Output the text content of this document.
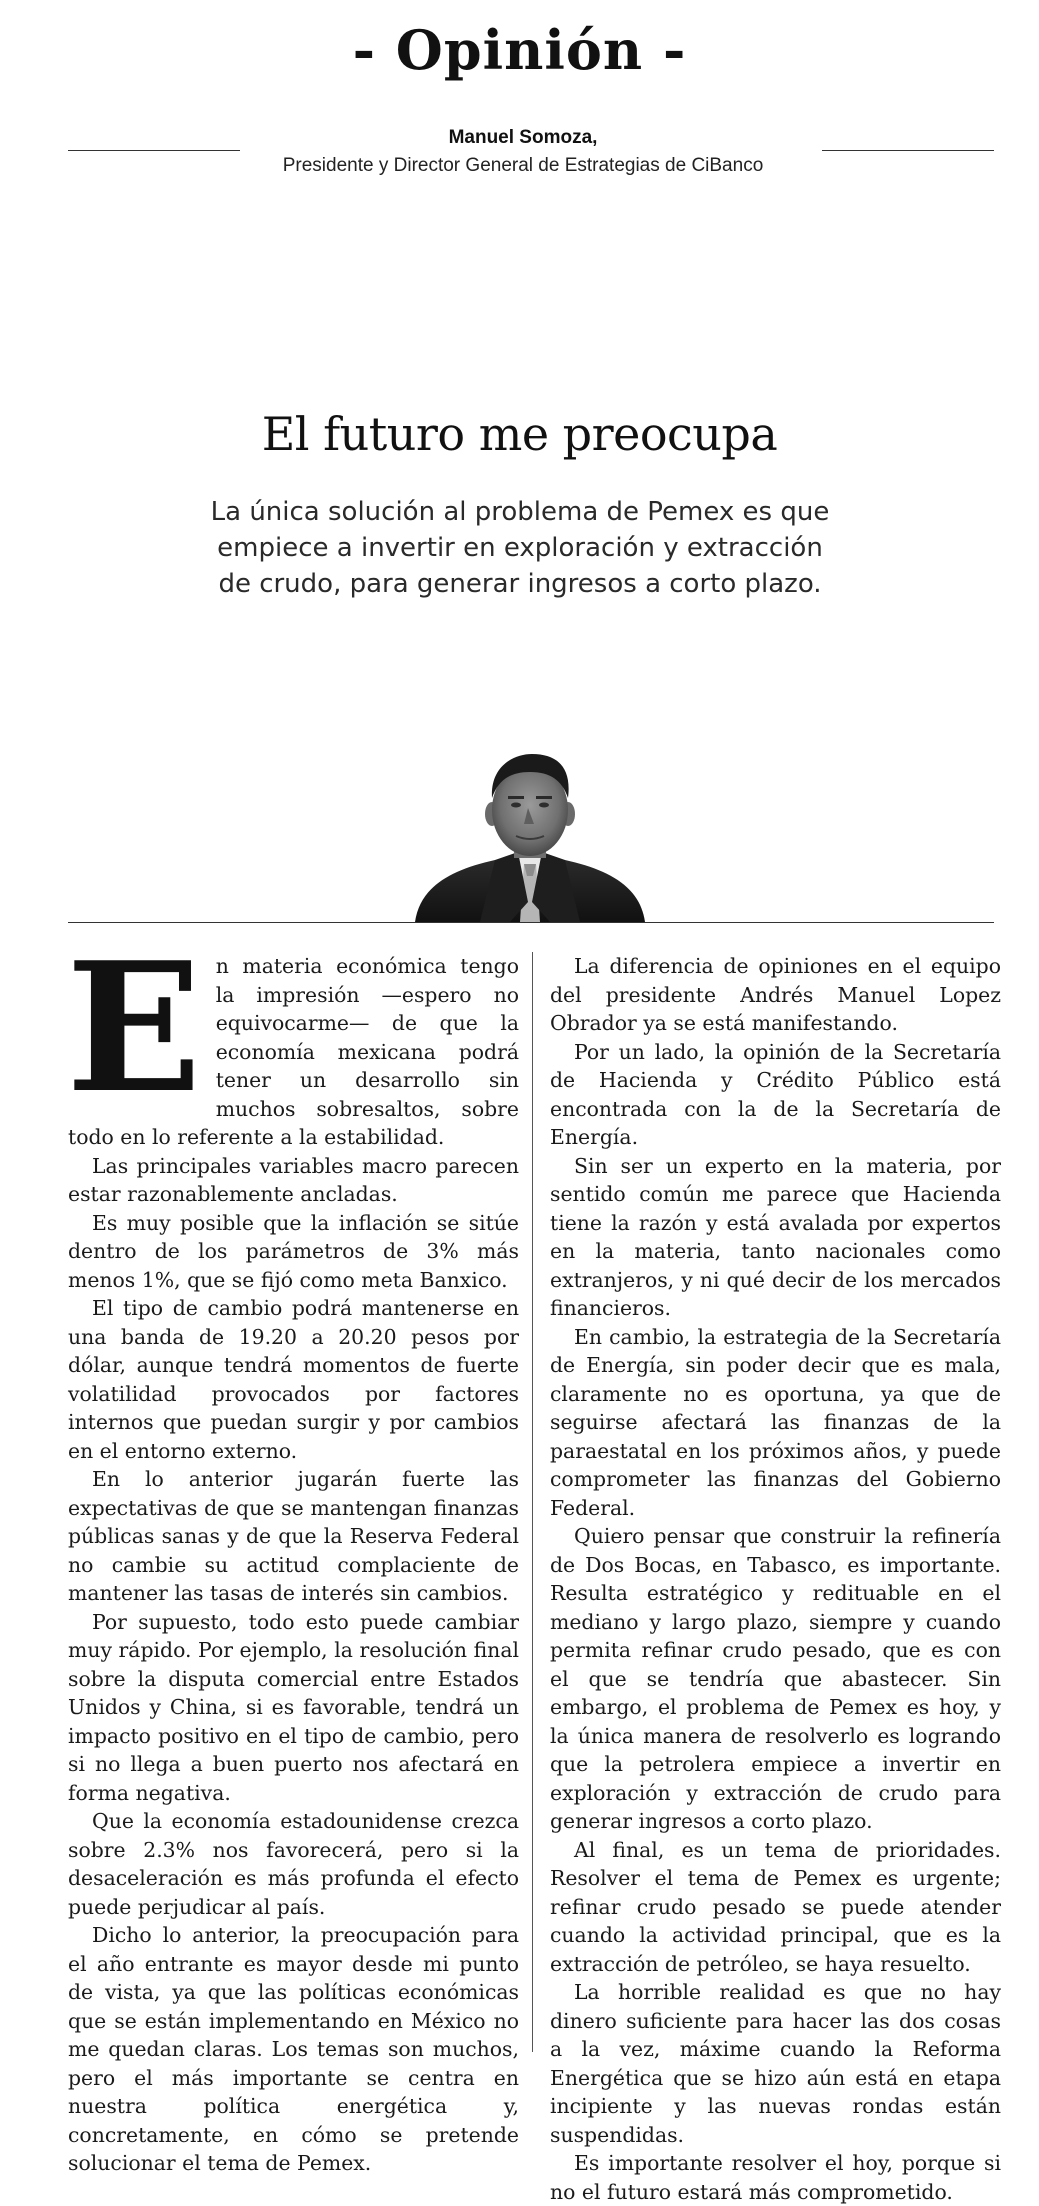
- Opinión -
Manuel Somoza,
Presidente y Director General de Estrategias de CiBanco
El futuro me preocupa

La única solución al problema de Pemex es que empiece a invertir en exploración y extracción de crudo, para generar ingresos a corto plazo.

En materia económica tengo la impresión —espero no equivocarme— de que la economía mexicana podrá tener un desarrollo sin muchos sobresaltos, sobre todo en lo referente a la estabilidad.

Las principales variables macro parecen estar razonablemente ancladas.

Es muy posible que la inflación se sitúe dentro de los parámetros de 3% más menos 1%, que se fijó como meta Banxico.

El tipo de cambio podrá mantenerse en una banda de 19.20 a 20.20 pesos por dólar, aunque tendrá momentos de fuerte volatilidad provocados por factores internos que puedan surgir y por cambios en el entorno externo.

En lo anterior jugarán fuerte las expectativas de que se mantengan finanzas públicas sanas y de que la Reserva Federal no cambie su actitud complaciente de mantener las tasas de interés sin cambios.

Por supuesto, todo esto puede cambiar muy rápido. Por ejemplo, la resolución final sobre la disputa comercial entre Estados Unidos y China, si es favorable, tendrá un impacto positivo en el tipo de cambio, pero si no llega a buen puerto nos afectará en forma negativa.

Que la economía estadounidense crezca sobre 2.3% nos favorecerá, pero si la desaceleración es más profunda el efecto puede perjudicar al país.

Dicho lo anterior, la preocupación para el año entrante es mayor desde mi punto de vista, ya que las políticas económicas que se están implementando en México no me quedan claras. Los temas son muchos, pero el más importante se centra en nuestra política energética y, concretamente, en cómo se pretende solucionar el tema de Pemex.

La diferencia de opiniones en el equipo del presidente Andrés Manuel Lopez Obrador ya se está manifestando.

Por un lado, la opinión de la Secretaría de Hacienda y Crédito Público está encontrada con la de la Secretaría de Energía.

Sin ser un experto en la materia, por sentido común me parece que Hacienda tiene la razón y está avalada por expertos en la materia, tanto nacionales como extranjeros, y ni qué decir de los mercados financieros.

En cambio, la estrategia de la Secretaría de Energía, sin poder decir que es mala, claramente no es oportuna, ya que de seguirse afectará las finanzas de la paraestatal en los próximos años, y puede comprometer las finanzas del Gobierno Federal.

Quiero pensar que construir la refinería de Dos Bocas, en Tabasco, es importante. Resulta estratégico y redituable en el mediano y largo plazo, siempre y cuando permita refinar crudo pesado, que es con el que se tendría que abastecer. Sin embargo, el problema de Pemex es hoy, y la única manera de resolverlo es logrando que la petrolera empiece a invertir en exploración y extracción de crudo para generar ingresos a corto plazo.

Al final, es un tema de prioridades. Resolver el tema de Pemex es urgente; refinar crudo pesado se puede atender cuando la actividad principal, que es la extracción de petróleo, se haya resuelto.

La horrible realidad es que no hay dinero suficiente para hacer las dos cosas a la vez, máxime cuando la Reforma Energética que se hizo aún está en etapa incipiente y las nuevas rondas están suspendidas.

Es importante resolver el hoy, porque si no el futuro estará más comprometido.
